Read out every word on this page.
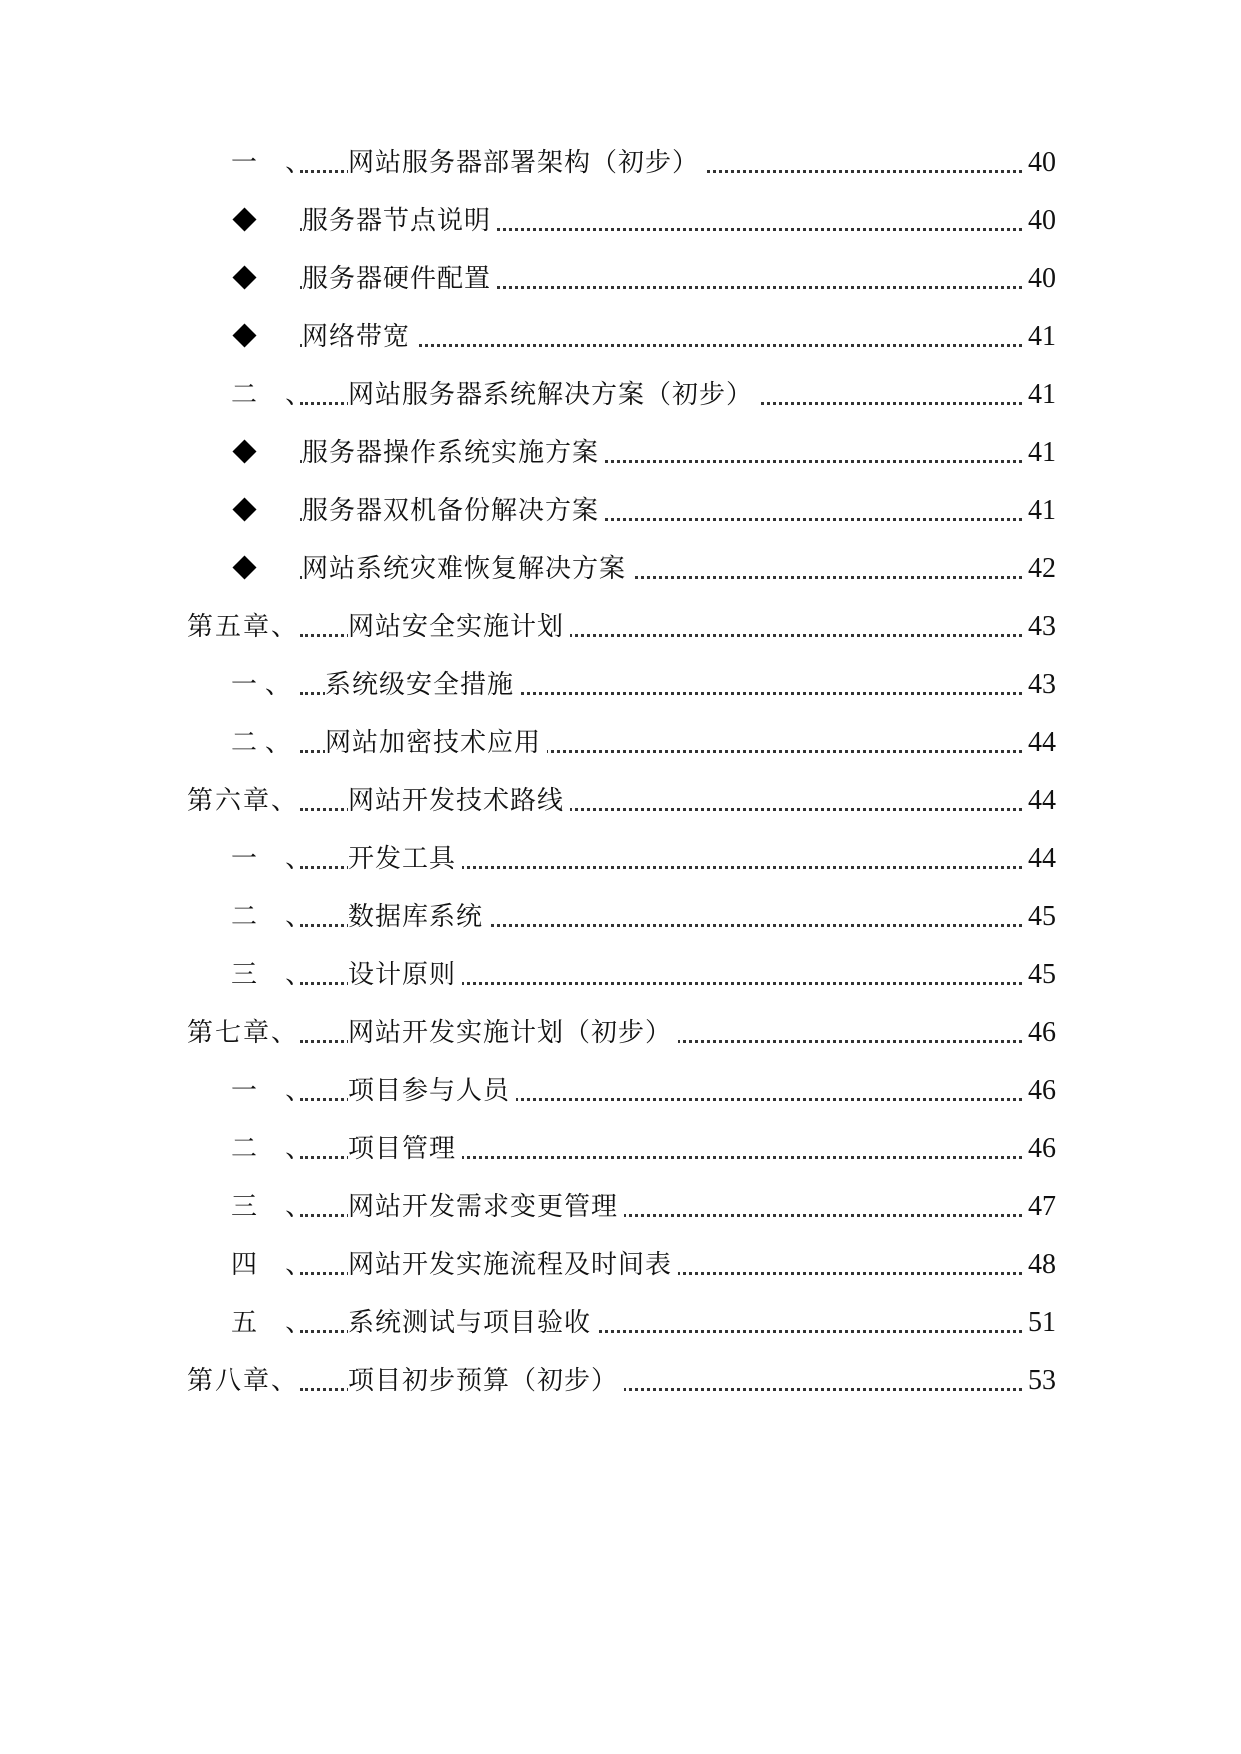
一 、 网站服务器部署架构（初步）	40
服务器节点说明	40
服务器硬件配置	40
网络带宽	41
二 、 网站服务器系统解决方案（初步）	41
服务器操作系统实施方案	41
服务器双机备份解决方案	41
网站系统灾难恢复解决方案	42
第五章、 网站安全实施计划	43
一、 系统级安全措施	43
二、 网站加密技术应用	44
第六章、 网站开发技术路线	44
一 、 开发工具	44
二 、 数据库系统	45
三 、 设计原则	45
第七章、 网站开发实施计划（初步）	46
一 、 项目参与人员	46
二 、 项目管理	46
三 、 网站开发需求变更管理	47
四 、 网站开发实施流程及时间表	48
五 、 系统测试与项目验收	51
第八章、 项目初步预算（初步）	53
